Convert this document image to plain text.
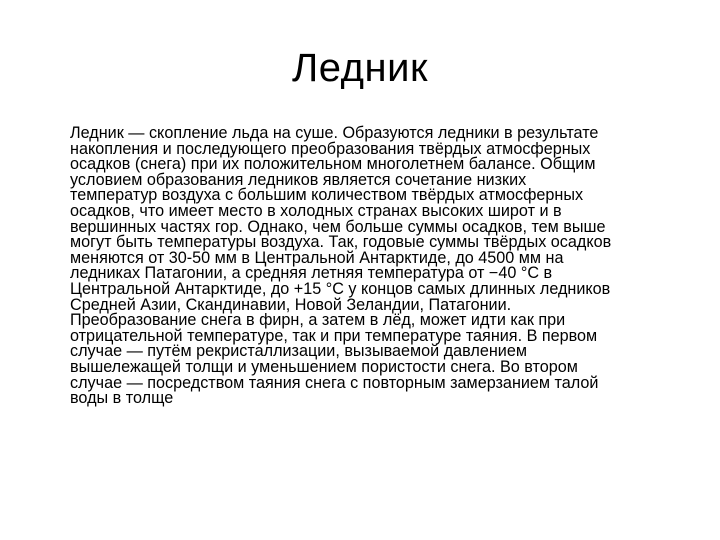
Ледник
Ледник — скопление льда на суше. Образуются ледники в результате
накопления и последующего преобразования твёрдых атмосферных
осадков (снега) при их положительном многолетнем балансе. Общим
условием образования ледников является сочетание низких
температур воздуха с большим количеством твёрдых атмосферных
осадков, что имеет место в холодных странах высоких широт и в
вершинных частях гор. Однако, чем больше суммы осадков, тем выше
могут быть температуры воздуха. Так, годовые суммы твёрдых осадков
меняются от 30-50 мм в Центральной Антарктиде, до 4500 мм на
ледниках Патагонии, а средняя летняя температура от −40 °C в
Центральной Антарктиде, до +15 °C у концов самых длинных ледников
Средней Азии, Скандинавии, Новой Зеландии, Патагонии.
Преобразование снега в фирн, а затем в лёд, может идти как при
отрицательной температуре, так и при температуре таяния. В первом
случае — путём рекристаллизации, вызываемой давлением
вышележащей толщи и уменьшением пористости снега. Во втором
случае — посредством таяния снега с повторным замерзанием талой
воды в толще
